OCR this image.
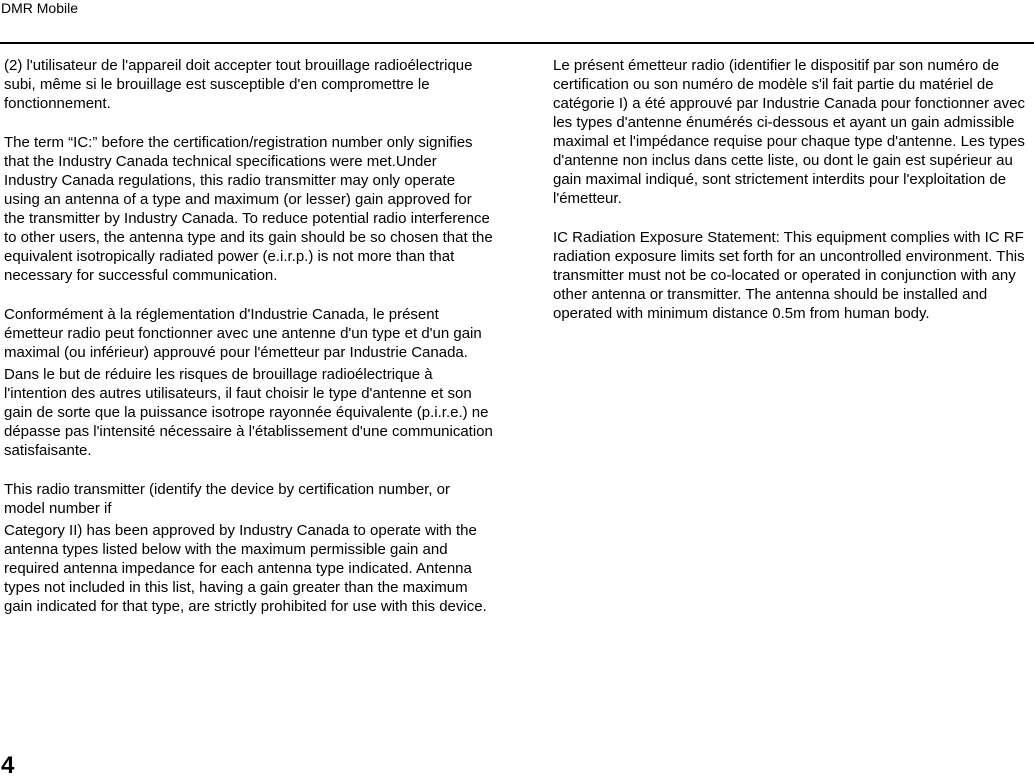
DMR Mobile

(2) l'utilisateur de l'appareil doit accepter tout brouillage radioélectrique subi, même si le brouillage est susceptible d'en compromettre le fonctionnement.

The term “IC:” before the certification/registration number only signifies that the Industry Canada technical specifications were met.Under Industry Canada regulations, this radio transmitter may only operate using an antenna of a type and maximum (or lesser) gain approved for the transmitter by Industry Canada. To reduce potential radio interference to other users, the antenna type and its gain should be so chosen that the equivalent isotropically radiated power (e.i.r.p.) is not more than that necessary for successful communication.

Conformément à la réglementation d'Industrie Canada, le présent émetteur radio peut fonctionner avec une antenne d'un type et d'un gain maximal (ou inférieur) approuvé pour l'émetteur par Industrie Canada.

Dans le but de réduire les risques de brouillage radioélectrique à l'intention des autres utilisateurs, il faut choisir le type d'antenne et son gain de sorte que la puissance isotrope rayonnée équivalente (p.i.r.e.) ne dépasse pas l'intensité nécessaire à l'établissement d'une communication satisfaisante.

This radio transmitter (identify the device by certification number, or model number if

Category II) has been approved by Industry Canada to operate with the antenna types listed below with the maximum permissible gain and required antenna impedance for each antenna type indicated. Antenna types not included in this list, having a gain greater than the maximum gain indicated for that type, are strictly prohibited for use with this device.

Le présent émetteur radio (identifier le dispositif par son numéro de certification ou son numéro de modèle s'il fait partie du matériel de catégorie I) a été approuvé par Industrie Canada pour fonctionner avec les types d'antenne énumérés ci-dessous et ayant un gain admissible maximal et l'impédance requise pour chaque type d'antenne. Les types d'antenne non inclus dans cette liste, ou dont le gain est supérieur au gain maximal indiqué, sont strictement interdits pour l'exploitation de l'émetteur.

IC Radiation Exposure Statement: This equipment complies with IC RF radiation exposure limits set forth for an uncontrolled environment. This transmitter must not be co-located or operated in conjunction with any other antenna or transmitter. The antenna should be installed and operated with minimum distance 0.5m from human body.

4
